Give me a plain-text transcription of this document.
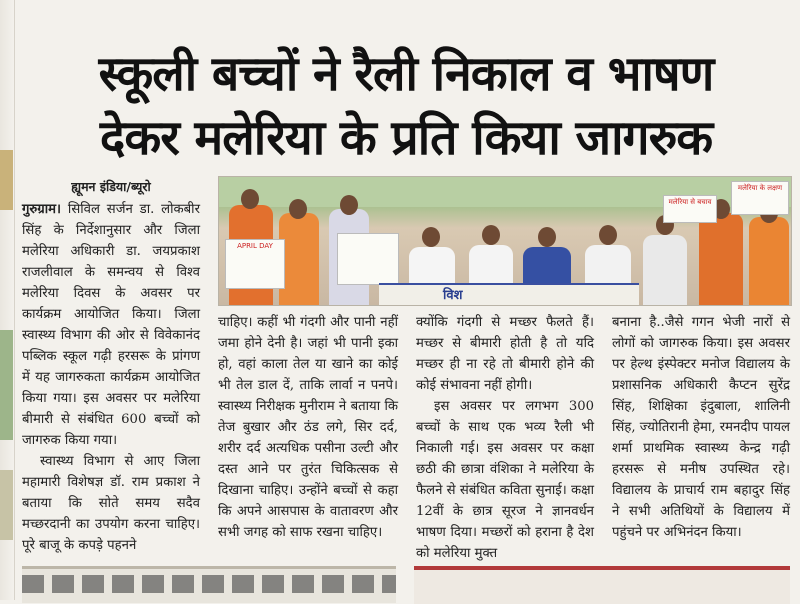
स्कूली बच्चों ने रैली निकाल व भाषण
देकर मलेरिया के प्रति किया जागरुक
ह्यूमन इंडिया/ब्यूरो

गुरुग्राम। सिविल सर्जन डा. लोकबीर सिंह के निर्देशानुसार और जिला मलेरिया अधिकारी डा. जयप्रकाश राजलीवाल के समन्वय से विश्व मलेरिया दिवस के अवसर पर कार्यक्रम आयोजित किया। जिला स्वास्थ्य विभाग की ओर से विवेकानंद पब्लिक स्कूल गढ़ी हरसरू के प्रांगण में यह जागरुकता कार्यक्रम आयोजित किया गया। इस अवसर पर मलेरिया बीमारी से संबंधित 600 बच्चों को जागरुक किया गया।

स्वास्थ्य विभाग से आए जिला महामारी विशेषज्ञ डॉ. राम प्रकाश ने बताया कि सोते समय सदैव मच्छरदानी का उपयोग करना चाहिए। पूरे बाजू के कपड़े पहनने

APRIL DAY
मलेरिया के लक्षण
मलेरिया से बचाव
विश

चाहिए। कहीं भी गंदगी और पानी नहीं जमा होने देनी है। जहां भी पानी इका हो, वहां काला तेल या खाने का कोई भी तेल डाल दें, ताकि लार्वा न पनपे। स्वास्थ्य निरीक्षक मुनीराम ने बताया कि तेज बुखार और ठंड लगे, सिर दर्द, शरीर दर्द अत्यधिक पसीना उल्टी और दस्त आने पर तुरंत चिकित्सक से दिखाना चाहिए। उन्होंने बच्चों से कहा कि अपने आसपास के वातावरण और सभी जगह को साफ रखना चाहिए।

क्योंकि गंदगी से मच्छर फैलते हैं। मच्छर से बीमारी होती है तो यदि मच्छर ही ना रहे तो बीमारी होने की कोई संभावना नहीं होगी।

इस अवसर पर लगभग 300 बच्चों के साथ एक भव्य रैली भी निकाली गई। इस अवसर पर कक्षा छठी की छात्रा वंशिका ने मलेरिया के फैलने से संबंधित कविता सुनाई। कक्षा 12वीं के छात्र सूरज ने ज्ञानवर्धन भाषण दिया। मच्छरों को हराना है देश को मलेरिया मुक्त

बनाना है..जैसे गगन भेजी नारों से लोगों को जागरुक किया। इस अवसर पर हेल्थ इंस्पेक्टर मनोज विद्यालय के प्रशासनिक अधिकारी कैप्टन सुरेंद्र सिंह, शिक्षिका इंदुबाला, शालिनी सिंह, ज्योतिरानी हेमा, रमनदीप पायल शर्मा प्राथमिक स्वास्थ्य केन्द्र गढ़ी हरसरू से मनीष उपस्थित रहे। विद्यालय के प्राचार्य राम बहादुर सिंह ने सभी अतिथियों के विद्यालय में पहुंचने पर अभिनंदन किया।
